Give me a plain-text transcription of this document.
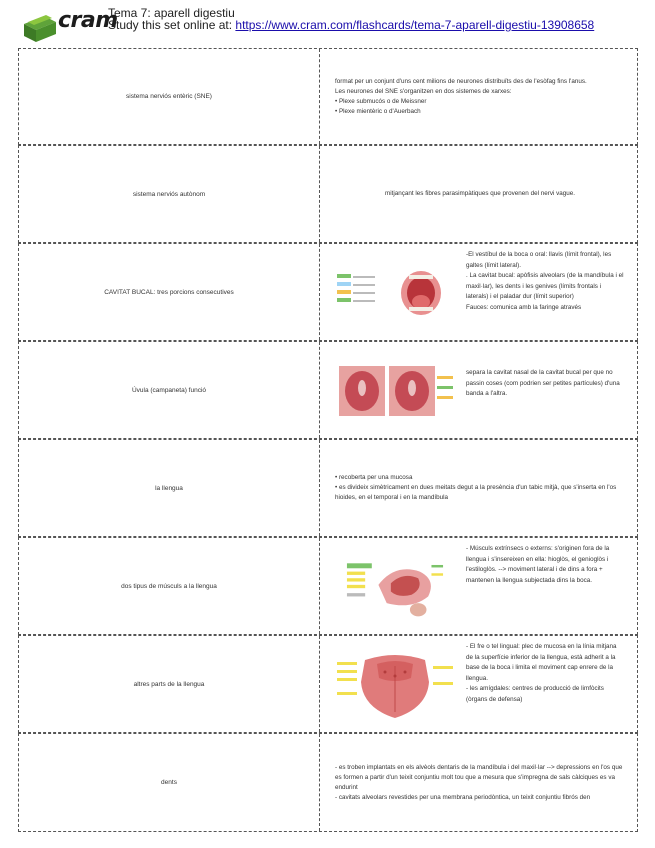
cram
Tema 7: aparell digestiu
Study this set online at: https://www.cram.com/flashcards/tema-7-aparell-digestiu-13908658
sistema nerviós entèric (SNE)
format per un conjunt d'uns cent milions de neurones distribuïts des de l'esòfag fins l'anus.
Les neurones del SNE s'organitzen en dos sistemes de xarxes:
• Plexe submucós o de Meissner
• Plexe mientèric o d'Auerbach
sistema nerviós autònom	mitjançant les fibres parasimpàtiques que provenen del nervi vague.
CAVITAT BUCAL: tres porcions consecutives
-El vestíbul de la boca o oral: llavis (límit frontal), les galtes (límit lateral).
. La cavitat bucal: apòfisis alveolars (de la mandíbula i el maxil·lar), les dents i les genives (límits frontals i laterals) i el paladar dur (límit superior)
Fauces: comunica amb la faringe através
Úvula (campaneta) funció
separa la cavitat nasal de la cavitat bucal per que no passin coses (com podrien ser petites partícules) d'una banda a l'altra.
la llengua
• recoberta per una mucosa
• es divideix simètricament en dues meitats degut a la presència d'un tabic mitjà, que s'inserta en l'os hioides, en el temporal i en la mandíbula
dos tipus de músculs a la llengua
- Músculs extrínsecs o externs: s'originen fora de la llengua i s'insereixen en ella: hioglòs, el genioglòs i l'estiloglòs. --> moviment lateral i de dins a fora + mantenen la llengua subjectada dins la boca.
altres parts de la llengua
- El fre o tel lingual: plec de mucosa en la línia mitjana de la superfície inferior de la llengua, està adherit a la base de la boca i limita el moviment cap enrere de la llengua.
- les amígdales: centres de producció de limfòcits (òrgans de defensa)
dents
- es troben implantats en els alvèols dentaris de la mandíbula i del maxil·lar --> depressions en l'os que es formen a partir d'un teixit conjuntiu molt tou que a mesura que s'impregna de sals càlciques es va endurint
- cavitats alveolars revestides per una membrana periodòntica, un teixit conjuntiu fibrós den
